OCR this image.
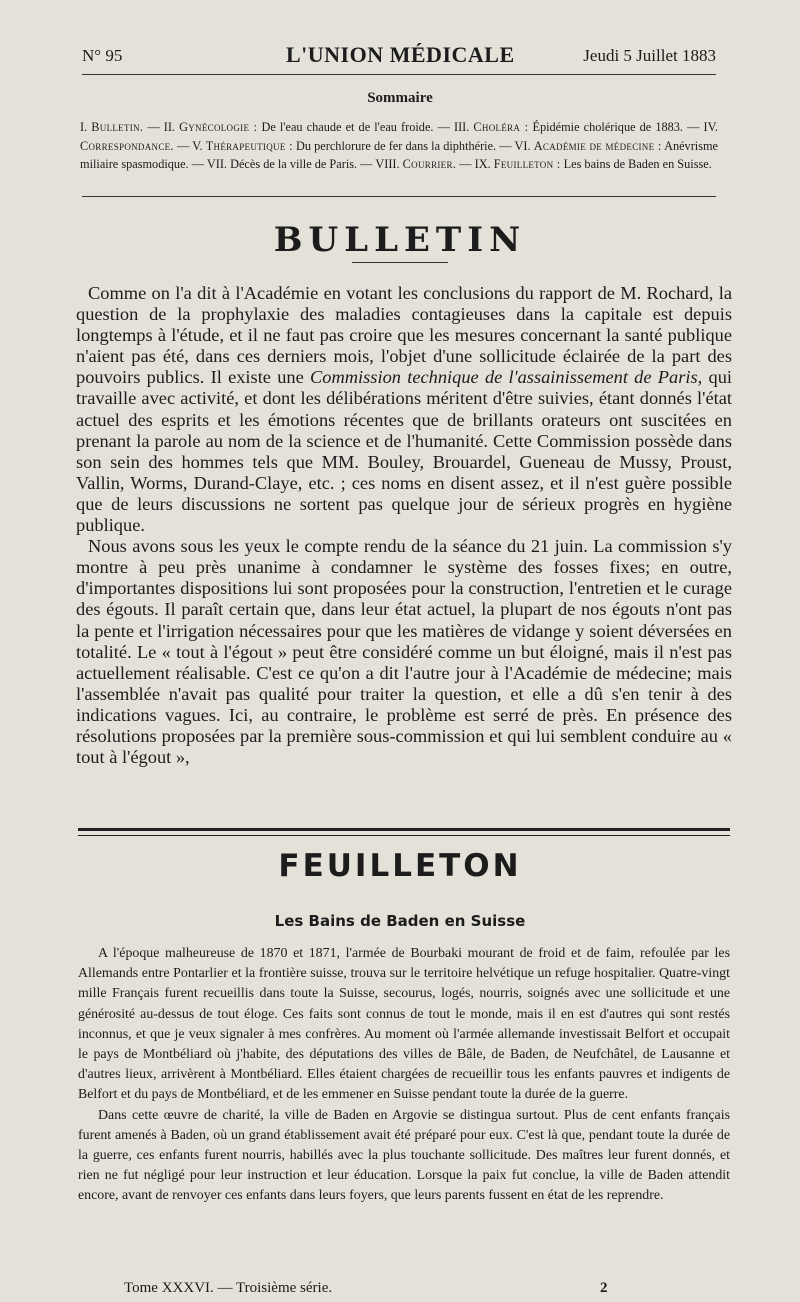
N° 95	L'UNION MÉDICALE	Jeudi 5 Juillet 1883
Sommaire
I. Bulletin. — II. Gynécologie : De l'eau chaude et de l'eau froide. — III. Choléra : Épidémie cholérique de 1883. — IV. Correspondance. — V. Thérapeutique : Du perchlorure de fer dans la diphthérie. — VI. Académie de médecine : Anévrisme miliaire spasmodique. — VII. Décès de la ville de Paris. — VIII. Courrier. — IX. Feuilleton : Les bains de Baden en Suisse.
BULLETIN

Comme on l'a dit à l'Académie en votant les conclusions du rapport de M. Rochard, la question de la prophylaxie des maladies contagieuses dans la capitale est depuis longtemps à l'étude, et il ne faut pas croire que les mesures concernant la santé publique n'aient pas été, dans ces derniers mois, l'objet d'une sollicitude éclairée de la part des pouvoirs publics. Il existe une Commission technique de l'assainissement de Paris, qui travaille avec activité, et dont les délibérations méritent d'être suivies, étant donnés l'état actuel des esprits et les émotions récentes que de brillants orateurs ont suscitées en prenant la parole au nom de la science et de l'humanité. Cette Commission possède dans son sein des hommes tels que MM. Bouley, Brouardel, Gueneau de Mussy, Proust, Vallin, Worms, Durand-Claye, etc. ; ces noms en disent assez, et il n'est guère possible que de leurs discussions ne sortent pas quelque jour de sérieux progrès en hygiène publique.

Nous avons sous les yeux le compte rendu de la séance du 21 juin. La commission s'y montre à peu près unanime à condamner le système des fosses fixes; en outre, d'importantes dispositions lui sont proposées pour la construction, l'entretien et le curage des égouts. Il paraît certain que, dans leur état actuel, la plupart de nos égouts n'ont pas la pente et l'irrigation nécessaires pour que les matières de vidange y soient déversées en totalité. Le « tout à l'égout » peut être considéré comme un but éloigné, mais il n'est pas actuellement réalisable. C'est ce qu'on a dit l'autre jour à l'Académie de médecine; mais l'assemblée n'avait pas qualité pour traiter la question, et elle a dû s'en tenir à des indications vagues. Ici, au contraire, le problème est serré de près. En présence des résolutions proposées par la première sous-commission et qui lui semblent conduire au « tout à l'égout »,

FEUILLETON
Les Bains de Baden en Suisse

A l'époque malheureuse de 1870 et 1871, l'armée de Bourbaki mourant de froid et de faim, refoulée par les Allemands entre Pontarlier et la frontière suisse, trouva sur le territoire helvétique un refuge hospitalier. Quatre-vingt mille Français furent recueillis dans toute la Suisse, secourus, logés, nourris, soignés avec une sollicitude et une générosité au-dessus de tout éloge. Ces faits sont connus de tout le monde, mais il en est d'autres qui sont restés inconnus, et que je veux signaler à mes confrères. Au moment où l'armée allemande investissait Belfort et occupait le pays de Montbéliard où j'habite, des députations des villes de Bâle, de Baden, de Neufchâtel, de Lausanne et d'autres lieux, arrivèrent à Montbéliard. Elles étaient chargées de recueillir tous les enfants pauvres et indigents de Belfort et du pays de Montbéliard, et de les emmener en Suisse pendant toute la durée de la guerre.

Dans cette œuvre de charité, la ville de Baden en Argovie se distingua surtout. Plus de cent enfants français furent amenés à Baden, où un grand établissement avait été préparé pour eux. C'est là que, pendant toute la durée de la guerre, ces enfants furent nourris, habillés avec la plus touchante sollicitude. Des maîtres leur furent donnés, et rien ne fut négligé pour leur instruction et leur éducation. Lorsque la paix fut conclue, la ville de Baden attendit encore, avant de renvoyer ces enfants dans leurs foyers, que leurs parents fussent en état de les reprendre.

Tome XXXVI. — Troisième série.	2
